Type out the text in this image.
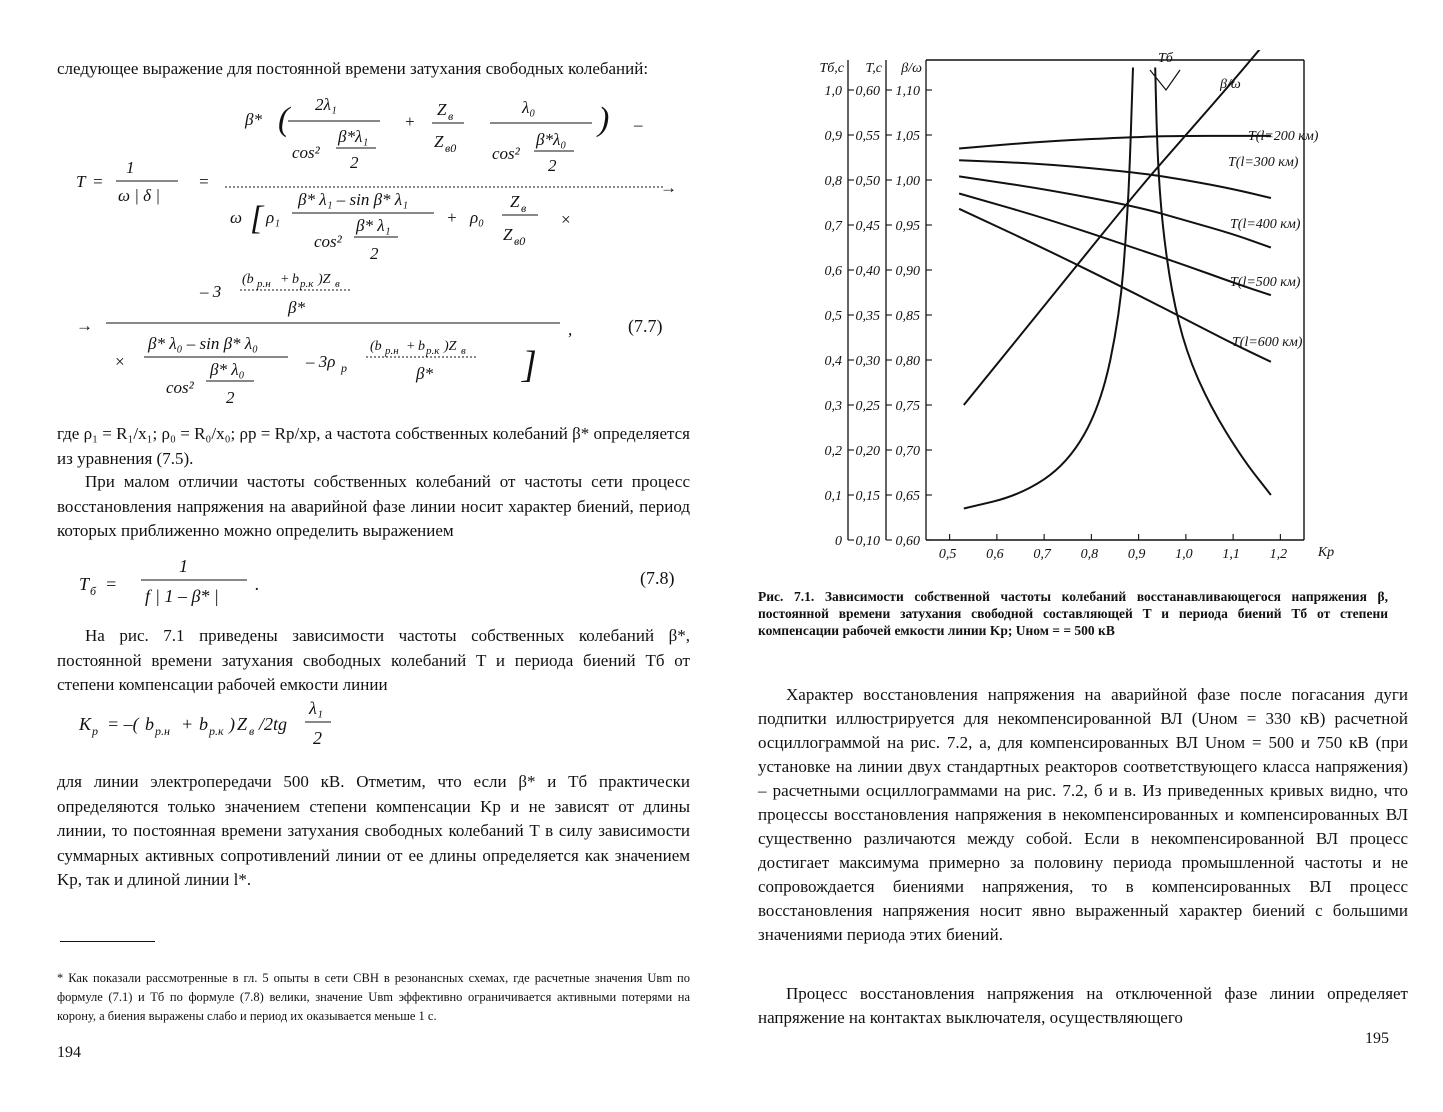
следующее выражение для постоянной времени затухания свободных колебаний:

β* ( 2λ₁
cos²
β*λ₁
2
+
Z в
Z в0
λ₀
cos²
β*λ₀
2
) –
T =
1
ω | δ |
=	→
ω [ ρ₁
β* λ₁ – sin β* λ₁
cos²
β* λ₁
2
+ ρ₀
Z в
Z в0
×
– 3
(b р.н + b р.к )Z в
β*
→	,
×
β* λ₀ – sin β* λ₀
cos²
β* λ₀
2
– 3ρ р
(b р.н + b р.к )Z в
β* ]
(7.7)

где ρ₁ = R₁/x₁; ρ₀ = R₀/x₀; ρр = Rр/xр, а частота собственных колебаний β* определяется из уравнения (7.5).

При малом отличии частоты собственных колебаний от частоты сети процесс восстановления напряжения на аварийной фазе линии носит характер биений, период которых приближенно можно определить выражением

T б =
1
f | 1 – β* |
.	(7.8)

На рис. 7.1 приведены зависимости частоты собственных колебаний β*, постоянной времени затухания свободных колебаний T и периода биений Tб от степени компенсации рабочей емкости линии

K р = –( b р.н + b р.к ) Z в /2tg
λ₁
2

для линии электропередачи 500 кВ. Отметим, что если β* и Tб практически определяются только значением степени компенсации Kр и не зависят от длины линии, то постоянная времени затухания свободных колебаний T в силу зависимости суммарных активных сопротивлений линии от ее длины определяется как значением Kр, так и длиной линии l*.

* Как показали рассмотренные в гл. 5 опыты в сети СВН в резонансных схемах, где расчетные значения Uвm по формуле (7.1) и Tб по формуле (7.8) велики, значение Uвm эффективно ограничивается активными потерями на корону, а биения выражены слабо и период их оказывается меньше 1 с.

194
0
0,1
0,2
0,3
0,4
0,5
0,6
0,7
0,8
0,9
1,0
Tб,с
0,10
0,15
0,20
0,25
0,30
0,35
0,40
0,45
0,50
0,55
0,60
T,с
0,60
0,65
0,70
0,75
0,80
0,85
0,90
0,95
1,00
1,05
1,10
β/ω
0,5 0,6 0,7 0,8 0,9 1,0 1,1 1,2 Kр
Tб
β/ω
T(l=200 км)
T(l=300 км)
T(l=400 км)
T(l=500 км)
T(l=600 км)

Рис. 7.1. Зависимости собственной частоты колебаний восстанавливающегося напряжения β, постоянной времени затухания свободной составляющей T и периода биений Tб от степени компенсации рабочей емкости линии Kр; Uном = = 500 кВ

Характер восстановления напряжения на аварийной фазе после погасания дуги подпитки иллюстрируется для некомпенсированной ВЛ (Uном = 330 кВ) расчетной осциллограммой на рис. 7.2, а, для компенсированных ВЛ Uном = 500 и 750 кВ (при установке на линии двух стандартных реакторов соответствующего класса напряжения) – расчетными осциллограммами на рис. 7.2, б и в. Из приведенных кривых видно, что процессы восстановления напряжения в некомпенсированных и компенсированных ВЛ существенно различаются между собой. Если в некомпенсированной ВЛ процесс достигает максимума примерно за половину периода промышленной частоты и не сопровождается биениями напряжения, то в компенсированных ВЛ процесс восстановления напряжения носит явно выраженный характер биений с большими значениями периода этих биений.

Процесс восстановления напряжения на отключенной фазе линии определяет напряжение на контактах выключателя, осуществляющего

195
